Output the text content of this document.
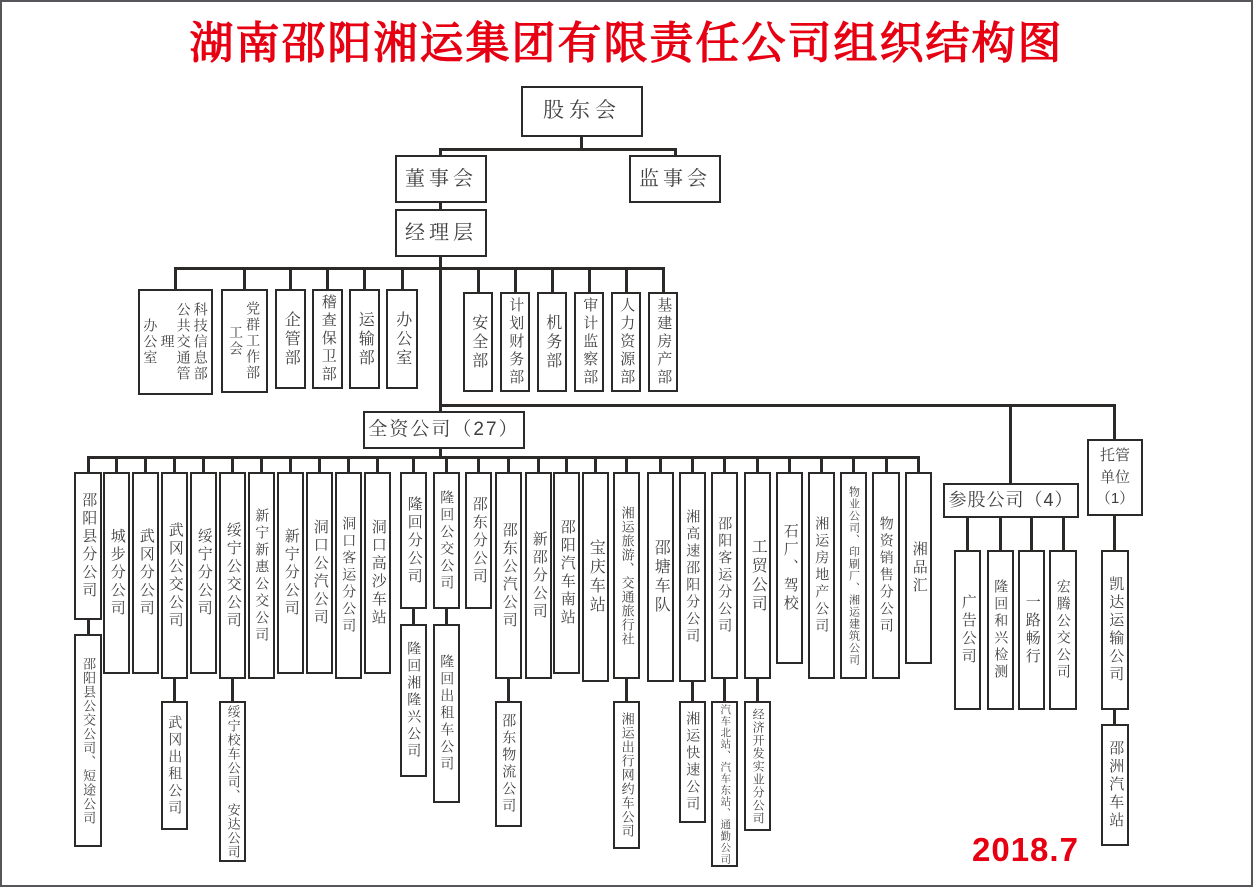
湖南邵阳湘运集团有限责任公司组织结构图
2018.7
股东会
董事会	监事会
经理层
科技信息部
公共交通管理
办公室	党群工作部
工会 企管部 稽查保卫部 运输部 办公室	安全部 计划财务部 机务部 审计监察部 人力资源部 基建房产部
全资公司（27）
参股公司（4）
托管
单位
（1）
邵阳县分公司 城步分公司 武冈分公司 武冈公交公司 绥宁分公司 绥宁公交公司 新宁新惠公交公司 新宁分公司 洞口公汽公司 洞口客运分公司 洞口高沙车站 隆回分公司 隆回公交公司 邵东分公司 邵东公汽公司 新邵分公司 邵阳汽车南站 宝庆车站 湘运旅游、交通旅行社 邵塘车队 湘高速邵阳分公司 邵阳客运分公司 工贸公司 石厂、驾校 湘运房地产公司 物业公司、印刷厂、湘运建筑公司 物资销售分公司 湘品汇
邵阳县公交公司、短途公司	武冈出租公司	绥宁校车公司、安达公司
隆回湘隆兴公司 隆回出租车公司	邵东物流公司	湘运出行网约车公司	湘运快速公司 汽车北站、汽车东站、通勤公司 经济开发实业分公司
广告公司 隆回和兴检测 一路畅行 宏腾公交公司 凯达运输公司
邵洲汽车站
